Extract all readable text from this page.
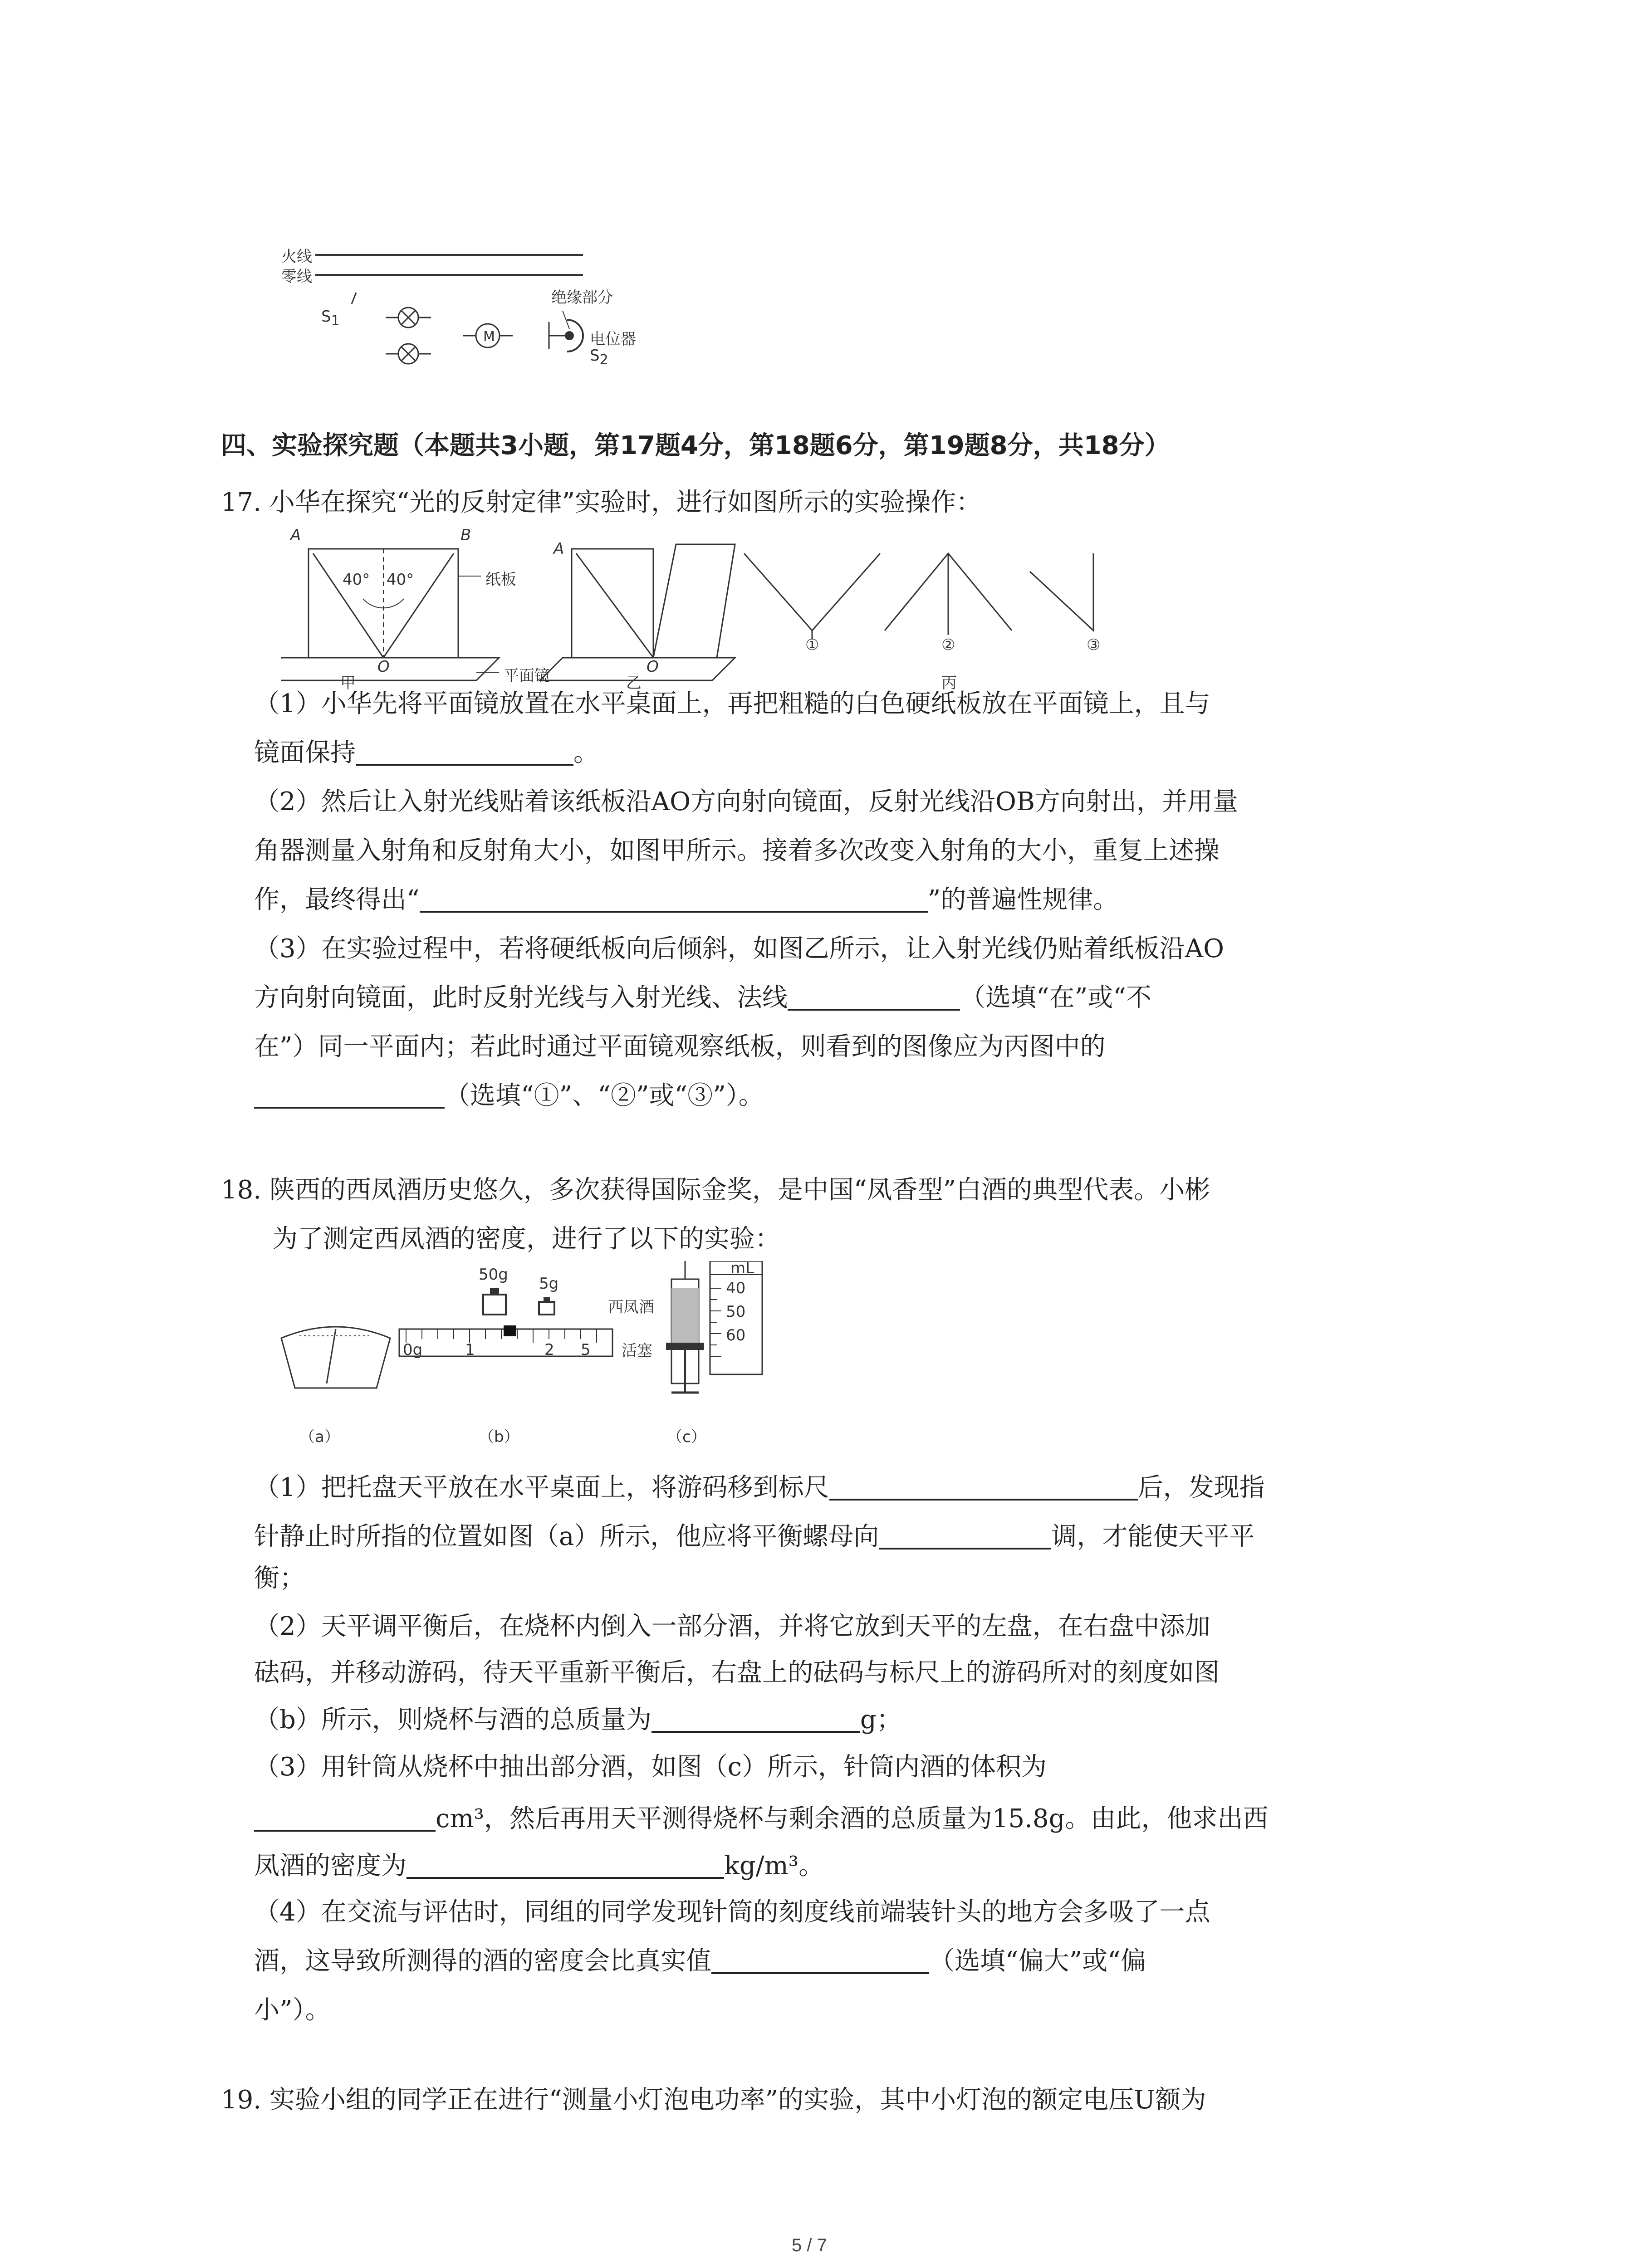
火线
零线
M
$S_1$
绝缘部分
电位器
$S_2$
四、实验探究题（本题共3小题，第17题4分，第18题6分，第19题8分，共18分）
17. 小华在探究“光的反射定律”实验时，进行如图所示的实验操作：
A	B
40° 40°	纸板
O	平面镜
A
O
①	②	③
甲	乙	丙
（1）小华先将平面镜放置在水平桌面上，再把粗糙的白色硬纸板放在平面镜上，且与
镜面保持	。
（2）然后让入射光线贴着该纸板沿AO方向射向镜面，反射光线沿OB方向射出，并用量
角器测量入射角和反射角大小，如图甲所示。接着多次改变入射角的大小，重复上述操
作，最终得出“	”的普遍性规律。
（3）在实验过程中，若将硬纸板向后倾斜，如图乙所示，让入射光线仍贴着纸板沿AO
方向射向镜面，此时反射光线与入射光线、法线	（选填“在”或“不
在”）同一平面内；若此时通过平面镜观察纸板，则看到的图像应为丙图中的
（选填“①”、“②”或“③”）。
18. 陕西的西凤酒历史悠久，多次获得国际金奖，是中国“凤香型”白酒的典型代表。小彬
为了测定西凤酒的密度，进行了以下的实验：
50g 5g
0g	1	2 5
西凤酒
活塞
mL
40
50
60
（a）	（b）	（c）
（1）把托盘天平放在水平桌面上，将游码移到标尺	后，发现指
针静止时所指的位置如图（a）所示，他应将平衡螺母向	调，才能使天平平
衡；
（2）天平调平衡后，在烧杯内倒入一部分酒，并将它放到天平的左盘，在右盘中添加
砝码，并移动游码，待天平重新平衡后，右盘上的砝码与标尺上的游码所对的刻度如图
（b）所示，则烧杯与酒的总质量为	g；
（3）用针筒从烧杯中抽出部分酒，如图（c）所示，针筒内酒的体积为
cm³，然后再用天平测得烧杯与剩余酒的总质量为15.8g。由此，他求出西
凤酒的密度为	kg/m³。
（4）在交流与评估时，同组的同学发现针筒的刻度线前端装针头的地方会多吸了一点
酒，这导致所测得的酒的密度会比真实值	（选填“偏大”或“偏
小”）。
19. 实验小组的同学正在进行“测量小灯泡电功率”的实验，其中小灯泡的额定电压U额为
5 / 7
